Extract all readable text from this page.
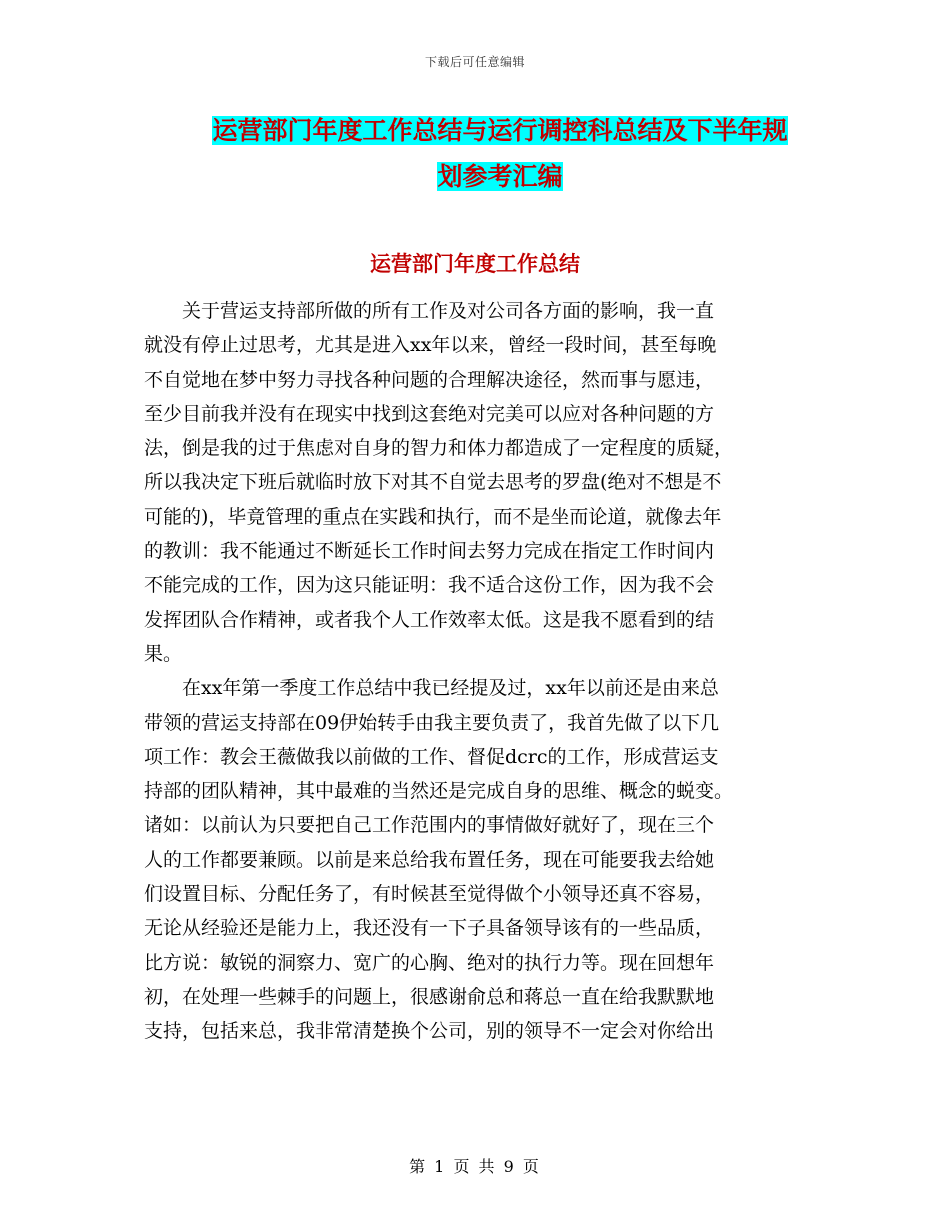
下载后可任意编辑
运营部门年度工作总结与运行调控科总结及下半年规
划参考汇编
运营部门年度工作总结
　　关于营运支持部所做的所有工作及对公司各方面的影响，我一直
就没有停止过思考，尤其是进入xx年以来，曾经一段时间，甚至每晚
不自觉地在梦中努力寻找各种问题的合理解决途径，然而事与愿违，
至少目前我并没有在现实中找到这套绝对完美可以应对各种问题的方
法，倒是我的过于焦虑对自身的智力和体力都造成了一定程度的质疑，
所以我决定下班后就临时放下对其不自觉去思考的罗盘(绝对不想是不
可能的)，毕竟管理的重点在实践和执行，而不是坐而论道，就像去年
的教训：我不能通过不断延长工作时间去努力完成在指定工作时间内
不能完成的工作，因为这只能证明：我不适合这份工作，因为我不会
发挥团队合作精神，或者我个人工作效率太低。这是我不愿看到的结
果。
　　在xx年第一季度工作总结中我已经提及过，xx年以前还是由来总
带领的营运支持部在09伊始转手由我主要负责了，我首先做了以下几
项工作：教会王薇做我以前做的工作、督促dcrc的工作，形成营运支
持部的团队精神，其中最难的当然还是完成自身的思维、概念的蜕变。
诸如：以前认为只要把自己工作范围内的事情做好就好了，现在三个
人的工作都要兼顾。以前是来总给我布置任务，现在可能要我去给她
们设置目标、分配任务了，有时候甚至觉得做个小领导还真不容易，
无论从经验还是能力上，我还没有一下子具备领导该有的一些品质，
比方说：敏锐的洞察力、宽广的心胸、绝对的执行力等。现在回想年
初，在处理一些棘手的问题上，很感谢俞总和蒋总一直在给我默默地
支持，包括来总，我非常清楚换个公司，别的领导不一定会对你给出
第 1 页 共 9 页
